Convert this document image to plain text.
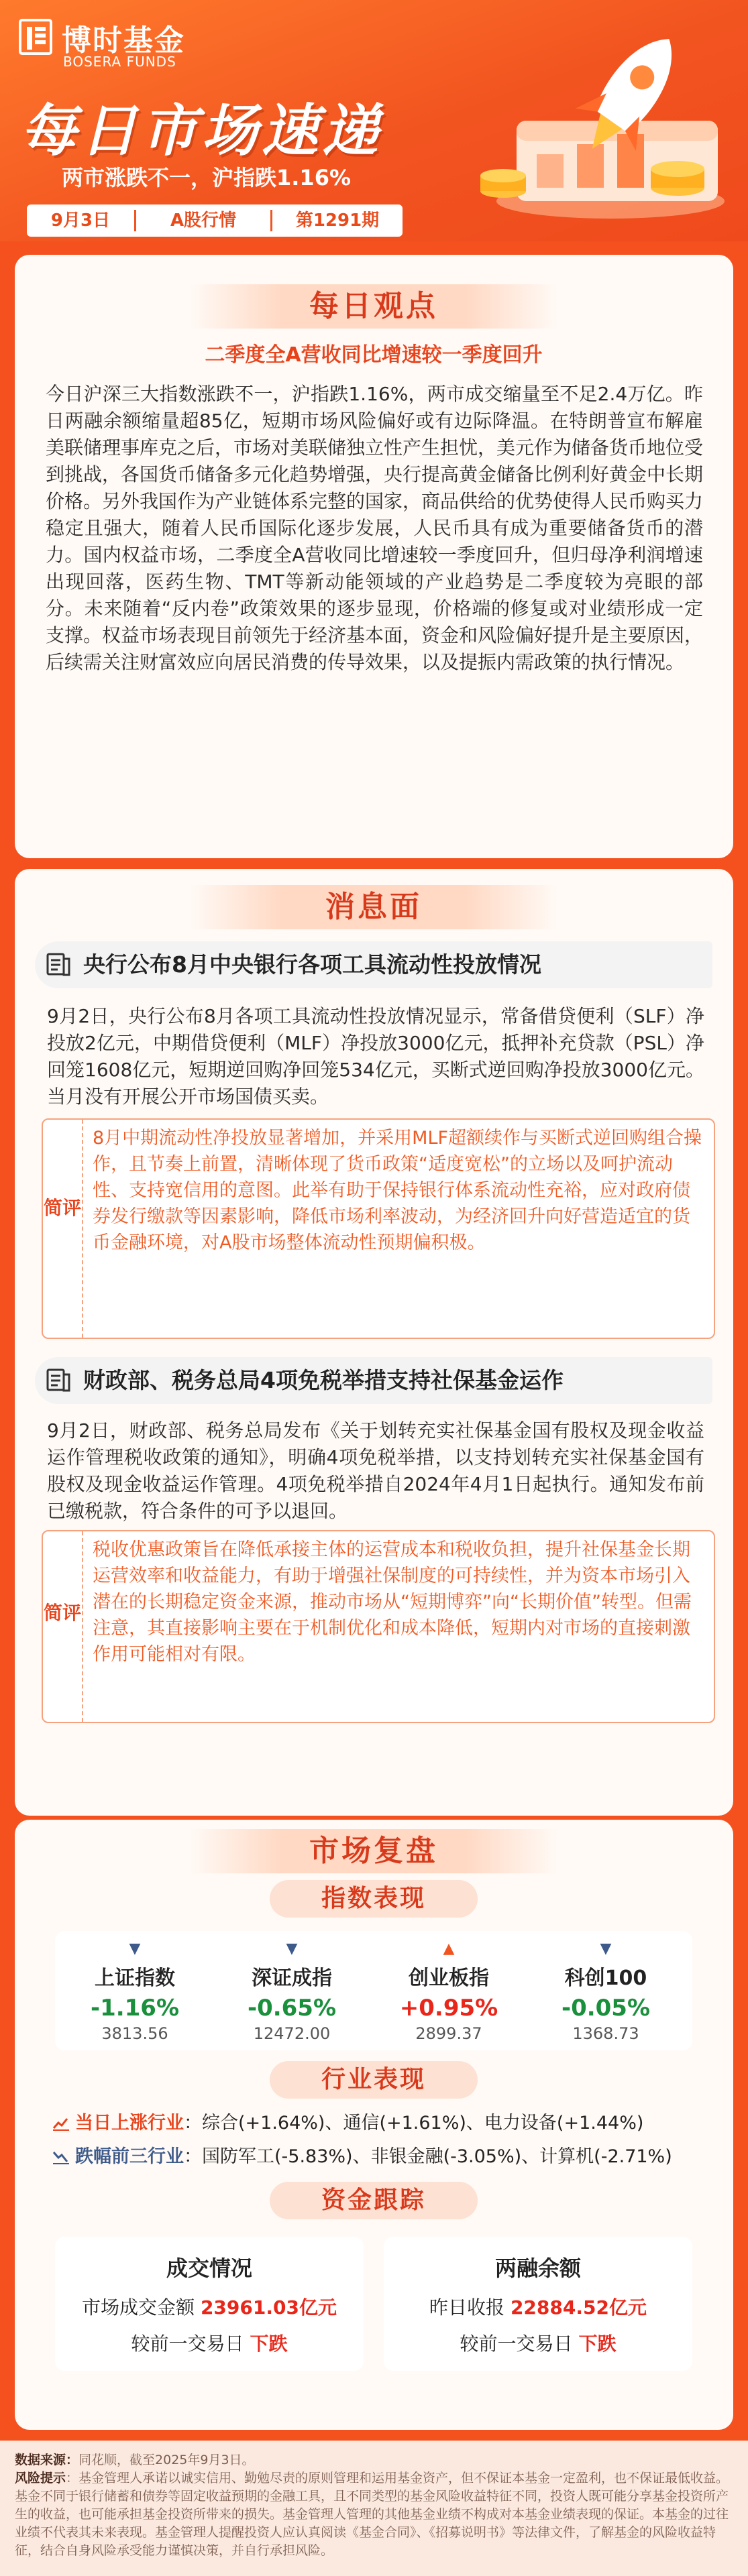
博时基金
BOSERA FUNDS
每日市场速递
两市涨跌不一，沪指跌1.16%
9月3日	A股行情	第1291期
每日观点
二季度全A营收同比增速较一季度回升
今日沪深三大指数涨跌不一，沪指跌1.16%，两市成交缩量至不足2.4万亿。昨日两融余额缩量超85亿，短期市场风险偏好或有边际降温。在特朗普宣布解雇美联储理事库克之后，市场对美联储独立性产生担忧，美元作为储备货币地位受到挑战，各国货币储备多元化趋势增强，央行提高黄金储备比例利好黄金中长期价格。另外我国作为产业链体系完整的国家，商品供给的优势使得人民币购买力稳定且强大，随着人民币国际化逐步发展，人民币具有成为重要储备货币的潜力。国内权益市场，二季度全A营收同比增速较一季度回升，但归母净利润增速出现回落，医药生物、TMT等新动能领域的产业趋势是二季度较为亮眼的部分。未来随着“反内卷”政策效果的逐步显现，价格端的修复或对业绩形成一定支撑。权益市场表现目前领先于经济基本面，资金和风险偏好提升是主要原因，后续需关注财富效应向居民消费的传导效果，以及提振内需政策的执行情况。
消息面
央行公布8月中央银行各项工具流动性投放情况
9月2日，央行公布8月各项工具流动性投放情况显示，常备借贷便利（SLF）净投放2亿元，中期借贷便利（MLF）净投放3000亿元，抵押补充贷款（PSL）净回笼1608亿元，短期逆回购净回笼534亿元，买断式逆回购净投放3000亿元。当月没有开展公开市场国债买卖。
简评
8月中期流动性净投放显著增加，并采用MLF超额续作与买断式逆回购组合操作，且节奏上前置，清晰体现了货币政策“适度宽松”的立场以及呵护流动性、支持宽信用的意图。此举有助于保持银行体系流动性充裕，应对政府债券发行缴款等因素影响，降低市场利率波动，为经济回升向好营造适宜的货币金融环境，对A股市场整体流动性预期偏积极。
财政部、税务总局4项免税举措支持社保基金运作
9月2日，财政部、税务总局发布《关于划转充实社保基金国有股权及现金收益运作管理税收政策的通知》，明确4项免税举措，以支持划转充实社保基金国有股权及现金收益运作管理。4项免税举措自2024年4月1日起执行。通知发布前已缴税款，符合条件的可予以退回。
简评
税收优惠政策旨在降低承接主体的运营成本和税收负担，提升社保基金长期运营效率和收益能力，有助于增强社保制度的可持续性，并为资本市场引入潜在的长期稳定资金来源，推动市场从“短期博弈”向“长期价值”转型。但需注意，其直接影响主要在于机制优化和成本降低，短期内对市场的直接刺激作用可能相对有限。
市场复盘
指数表现
▼
上证指数
-1.16%
3813.56
▼
深证成指
-0.65%
12472.00
▲
创业板指
+0.95%
2899.37
▼
科创100
-0.05%
1368.73
行业表现
当日上涨行业：综合(+1.64%)、通信(+1.61%)、电力设备(+1.44%)
跌幅前三行业：国防军工(-5.83%)、非银金融(-3.05%)、计算机(-2.71%)
资金跟踪
成交情况
市场成交金额 23961.03亿元
较前一交易日 下跌
两融余额
昨日收报 22884.52亿元
较前一交易日 下跌
数据来源：同花顺，截至2025年9月3日。
风险提示：基金管理人承诺以诚实信用、勤勉尽责的原则管理和运用基金资产，但不保证本基金一定盈利，也不保证最低收益。基金不同于银行储蓄和债券等固定收益预期的金融工具，且不同类型的基金风险收益特征不同，投资人既可能分享基金投资所产生的收益，也可能承担基金投资所带来的损失。基金管理人管理的其他基金业绩不构成对本基金业绩表现的保证。本基金的过往业绩不代表其未来表现。基金管理人提醒投资人应认真阅读《基金合同》、《招募说明书》等法律文件，了解基金的风险收益特征，结合自身风险承受能力谨慎决策，并自行承担风险。
